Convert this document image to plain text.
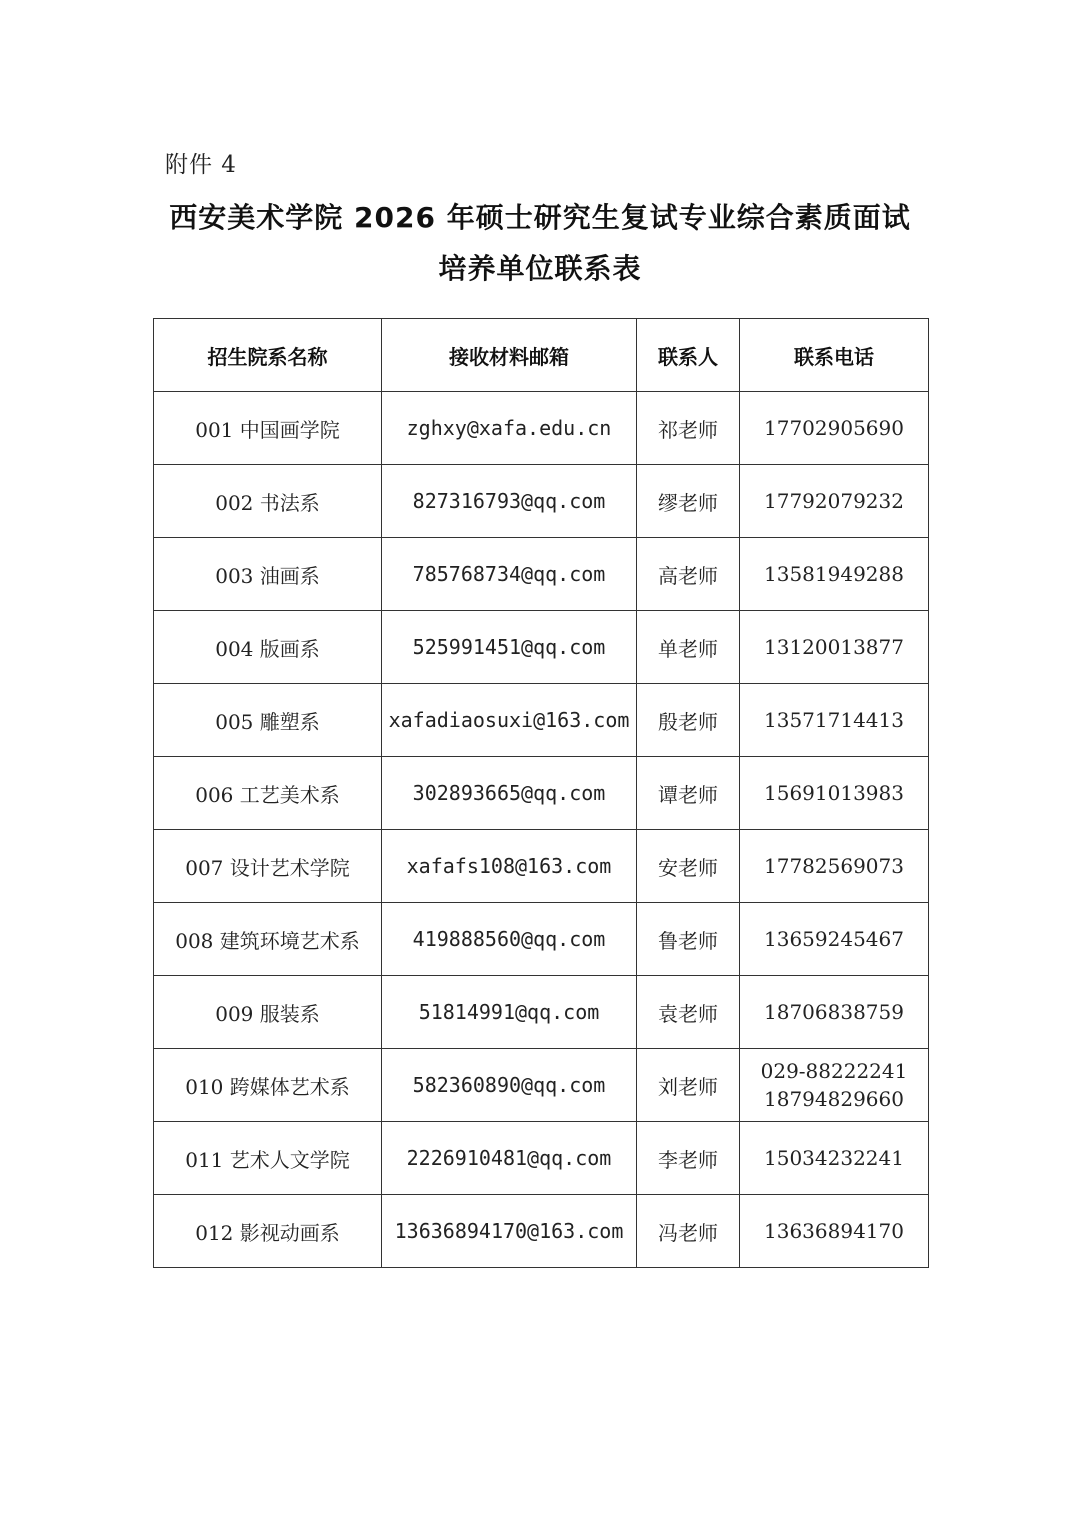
附件 4
西安美术学院 2026 年硕士研究生复试专业综合素质面试
培养单位联系表
招生院系名称	接收材料邮箱	联系人	联系电话
001 中国画学院	zghxy@xafa.edu.cn	祁老师	17702905690

002 书法系	827316793@qq.com	缪老师	17792079232

003 油画系	785768734@qq.com	高老师	13581949288

004 版画系	525991451@qq.com	单老师	13120013877

005 雕塑系	xafadiaosuxi@163.com	殷老师	13571714413

006 工艺美术系	302893665@qq.com	谭老师	15691013983

007 设计艺术学院	xafafs108@163.com	安老师	17782569073

008 建筑环境艺术系	419888560@qq.com	鲁老师	13659245467

009 服装系	51814991@qq.com	袁老师	18706838759

010 跨媒体艺术系	582360890@qq.com	刘老师	029-88222241
18794829660

011 艺术人文学院	2226910481@qq.com	李老师	15034232241

012 影视动画系	13636894170@163.com	冯老师	13636894170
